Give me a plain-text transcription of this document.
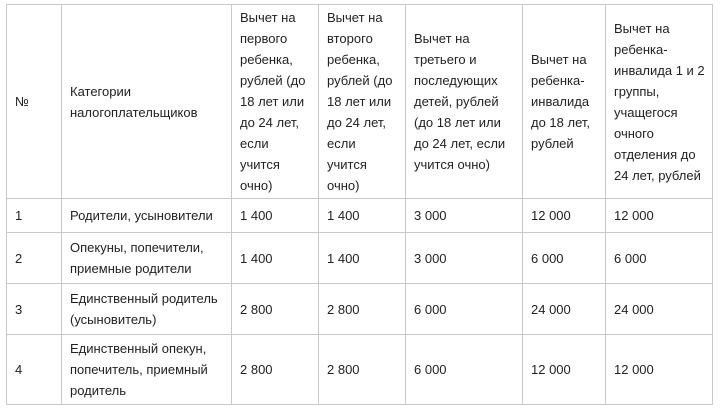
№	Категории налогоплательщиков	Вычет на первого ребенка, рублей (до 18 лет или до 24 лет, если учится очно)	Вычет на второго ребенка, рублей (до 18 лет или до 24 лет, если учится очно)	Вычет на третьего и последующих детей, рублей (до 18 лет или до 24 лет, если учится очно)	Вычет на ребенка-инвалида до 18 лет, рублей	Вычет на ребенка-инвалида 1 и 2 группы, учащегося очного отделения до 24 лет, рублей
1	Родители, усыновители	1 400	1 400	3 000	12 000	12 000
2	Опекуны, попечители, приемные родители	1 400	1 400	3 000	6 000	6 000
3	Единственный родитель (усыновитель)	2 800	2 800	6 000	24 000	24 000
4	Единственный опекун, попечитель, приемный родитель	2 800	2 800	6 000	12 000	12 000
